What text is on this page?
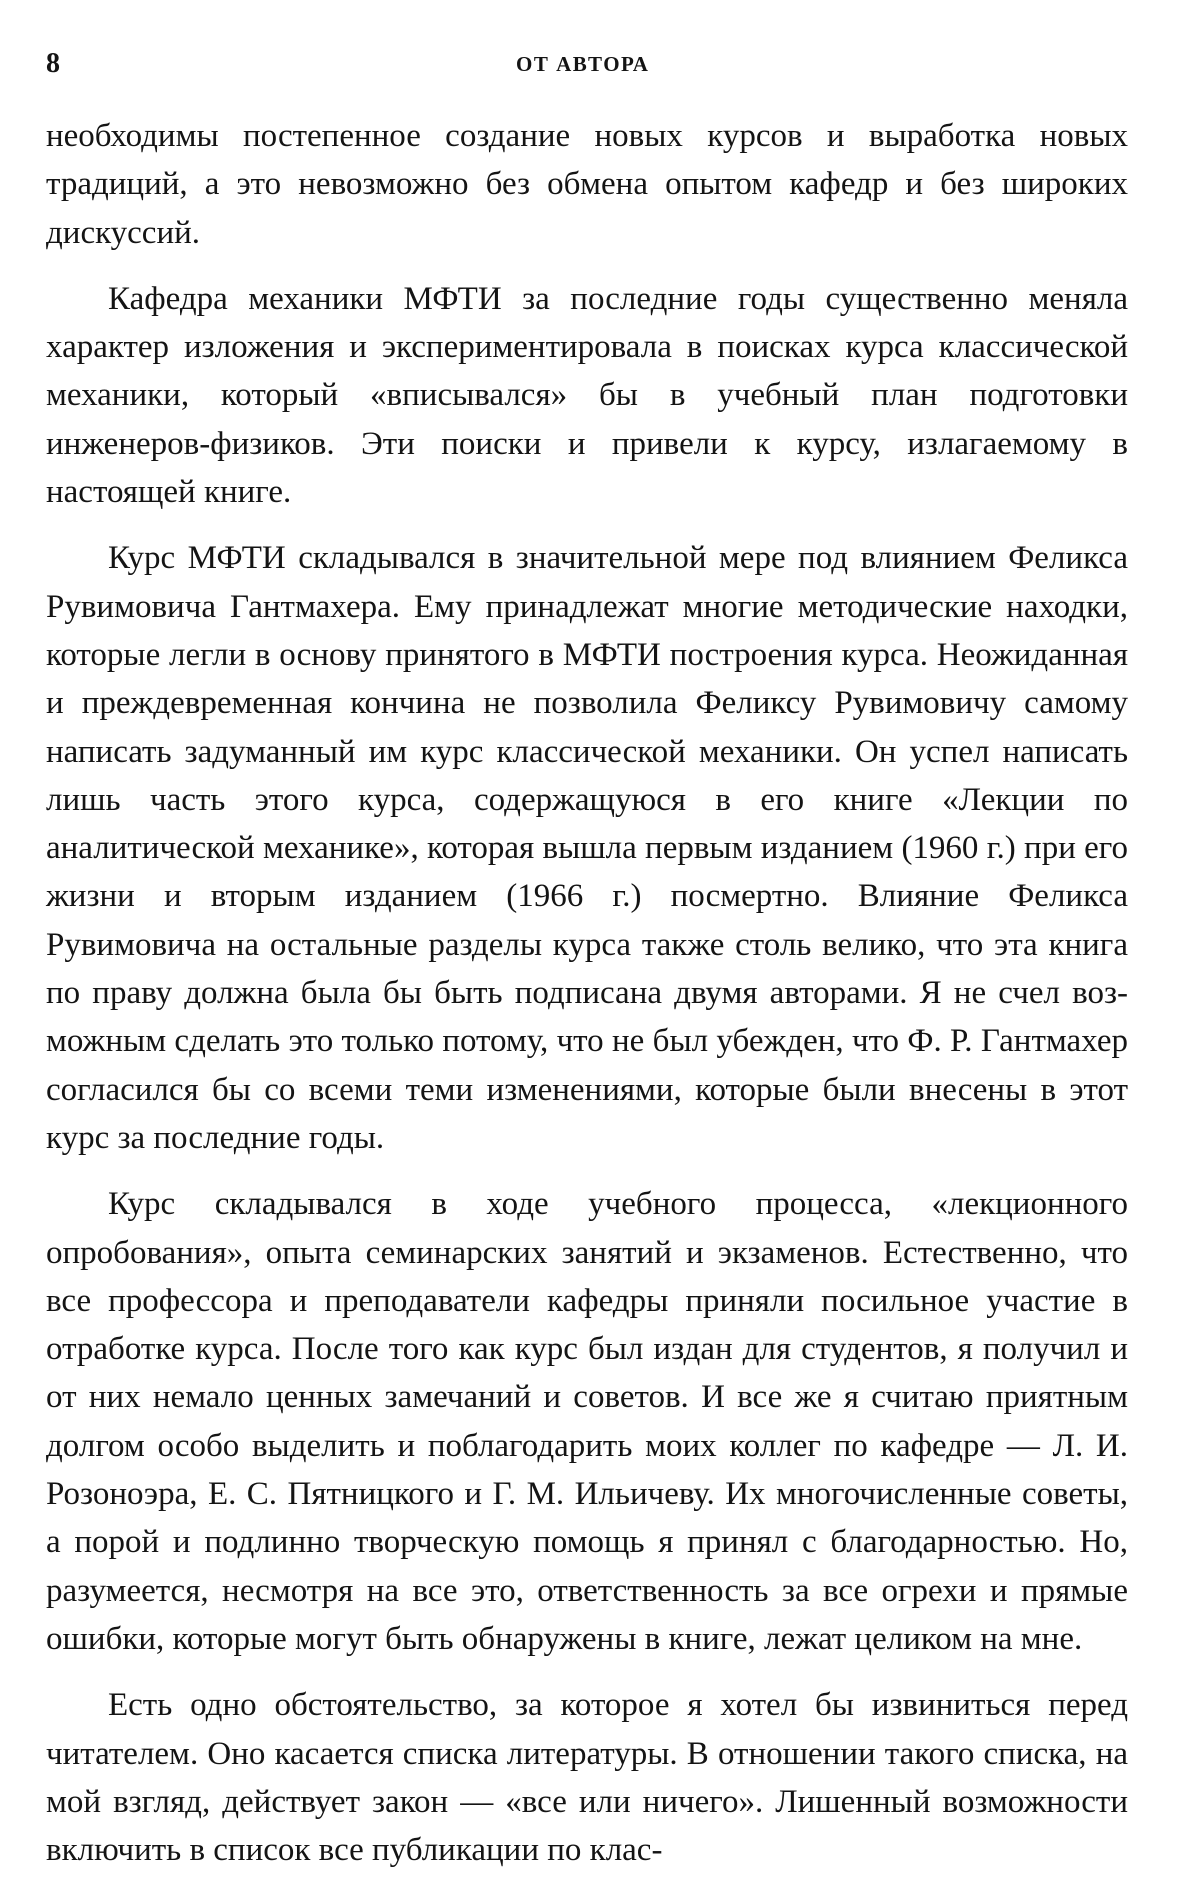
8	ОТ АВТОРА

необходимы постепенное создание новых курсов и выработка новых традиций, а это невозможно без обмена опытом кафедр и без широких дискуссий.

Кафедра механики МФТИ за последние годы существенно меняла характер изложения и экспериментировала в поисках курса классической механики, который «вписывался» бы в учебный план подготовки инженеров-физиков. Эти поиски и привели к курсу, излагаемому в настоящей книге.

Курс МФТИ складывался в значительной мере под влиянием Феликса Рувимовича Гантмахера. Ему принадлежат многие методические находки, которые легли в основу принятого в МФТИ построения курса. Неожиданная и преждевременная кончина не позволила Феликсу Рувимовичу самому написать задуманный им курс классической механики. Он успел написать лишь часть этого курса, содержащуюся в его книге «Лекции по аналитической механике», которая вышла первым изданием (1960 г.) при его жизни и вторым изданием (1966 г.) посмертно. Влияние Феликса Рувимовича на остальные разделы курса также столь велико, что эта книга по праву должна была бы быть подписана двумя авторами. Я не счел возможным сделать это только потому, что не был убежден, что Ф. Р. Гантмахер согласился бы со всеми теми изменениями, которые были внесены в этот курс за последние годы.

Курс складывался в ходе учебного процесса, «лекционного опробования», опыта семинарских занятий и экзаменов. Естественно, что все профессора и преподаватели кафедры приняли посильное участие в отработке курса. После того как курс был издан для студентов, я получил и от них немало ценных замечаний и советов. И все же я считаю приятным долгом особо выделить и поблагодарить моих коллег по кафедре — Л. И. Розоноэра, Е. С. Пятницкого и Г. М. Ильичеву. Их многочисленные советы, а порой и подлинно творческую помощь я принял с благодарностью. Но, разумеется, несмотря на все это, ответственность за все огрехи и прямые ошибки, которые могут быть обнаружены в книге, лежат целиком на мне.

Есть одно обстоятельство, за которое я хотел бы извиниться перед читателем. Оно касается списка литературы. В отношении такого списка, на мой взгляд, действует закон — «все или ничего». Лишенный возможности включить в список все публикации по клас-
